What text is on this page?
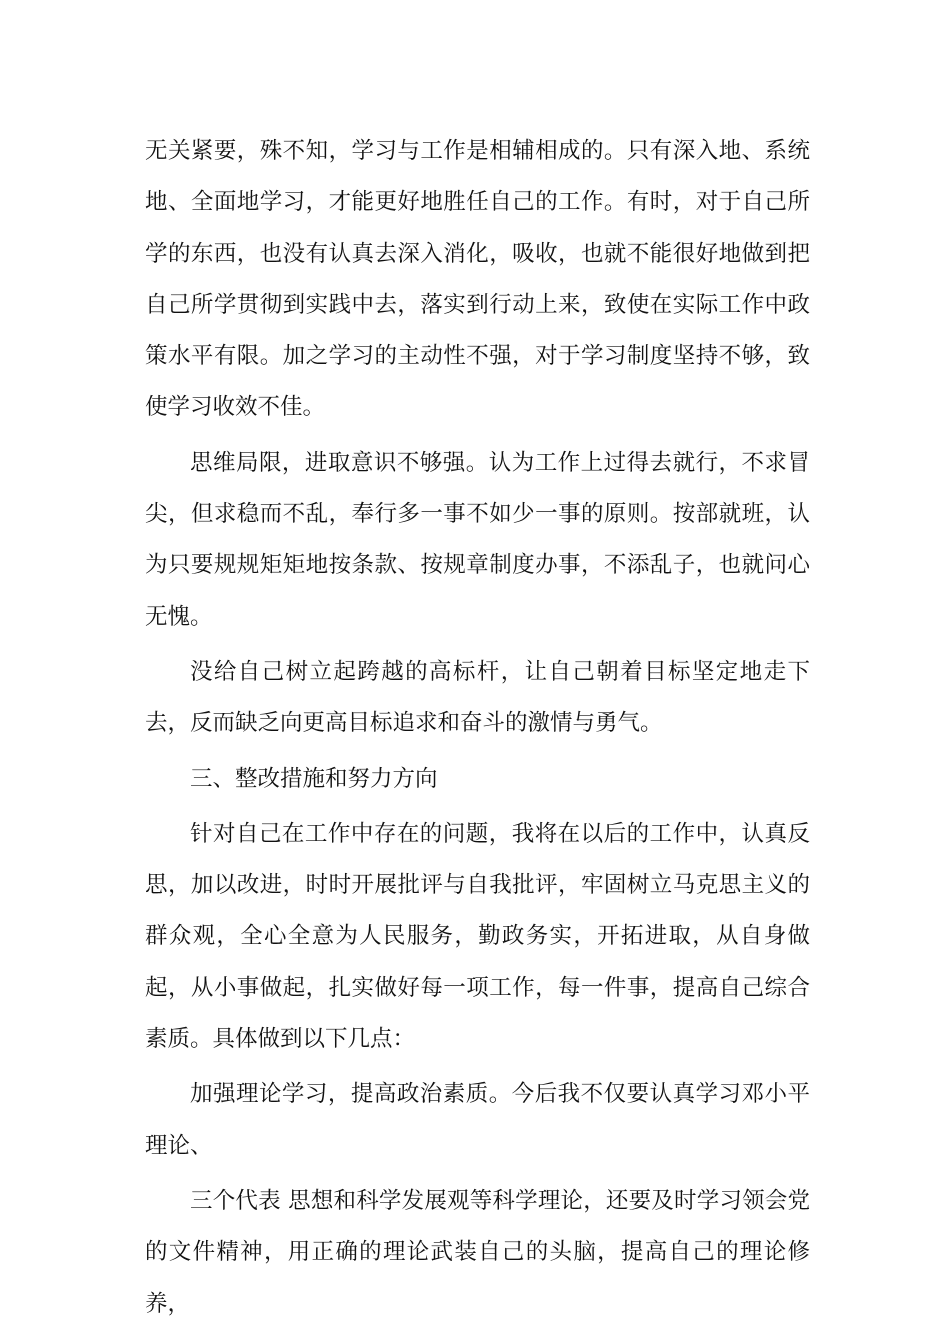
无关紧要，殊不知，学习与工作是相辅相成的。只有深入地、系统地、全面地学习，才能更好地胜任自己的工作。有时，对于自己所学的东西，也没有认真去深入消化，吸收，也就不能很好地做到把自己所学贯彻到实践中去，落实到行动上来，致使在实际工作中政策水平有限。加之学习的主动性不强，对于学习制度坚持不够，致使学习收效不佳。

思维局限，进取意识不够强。认为工作上过得去就行，不求冒尖，但求稳而不乱，奉行多一事不如少一事的原则。按部就班，认为只要规规矩矩地按条款、按规章制度办事，不添乱子，也就问心无愧。

没给自己树立起跨越的高标杆，让自己朝着目标坚定地走下去，反而缺乏向更高目标追求和奋斗的激情与勇气。

三、整改措施和努力方向

针对自己在工作中存在的问题，我将在以后的工作中，认真反思，加以改进，时时开展批评与自我批评，牢固树立马克思主义的群众观，全心全意为人民服务，勤政务实，开拓进取，从自身做起，从小事做起，扎实做好每一项工作，每一件事，提高自己综合素质。具体做到以下几点：

加强理论学习，提高政治素质。今后我不仅要认真学习邓小平理论、

三个代表 思想和科学发展观等科学理论，还要及时学习领会党的文件精神，用正确的理论武装自己的头脑，提高自己的理论修养，
